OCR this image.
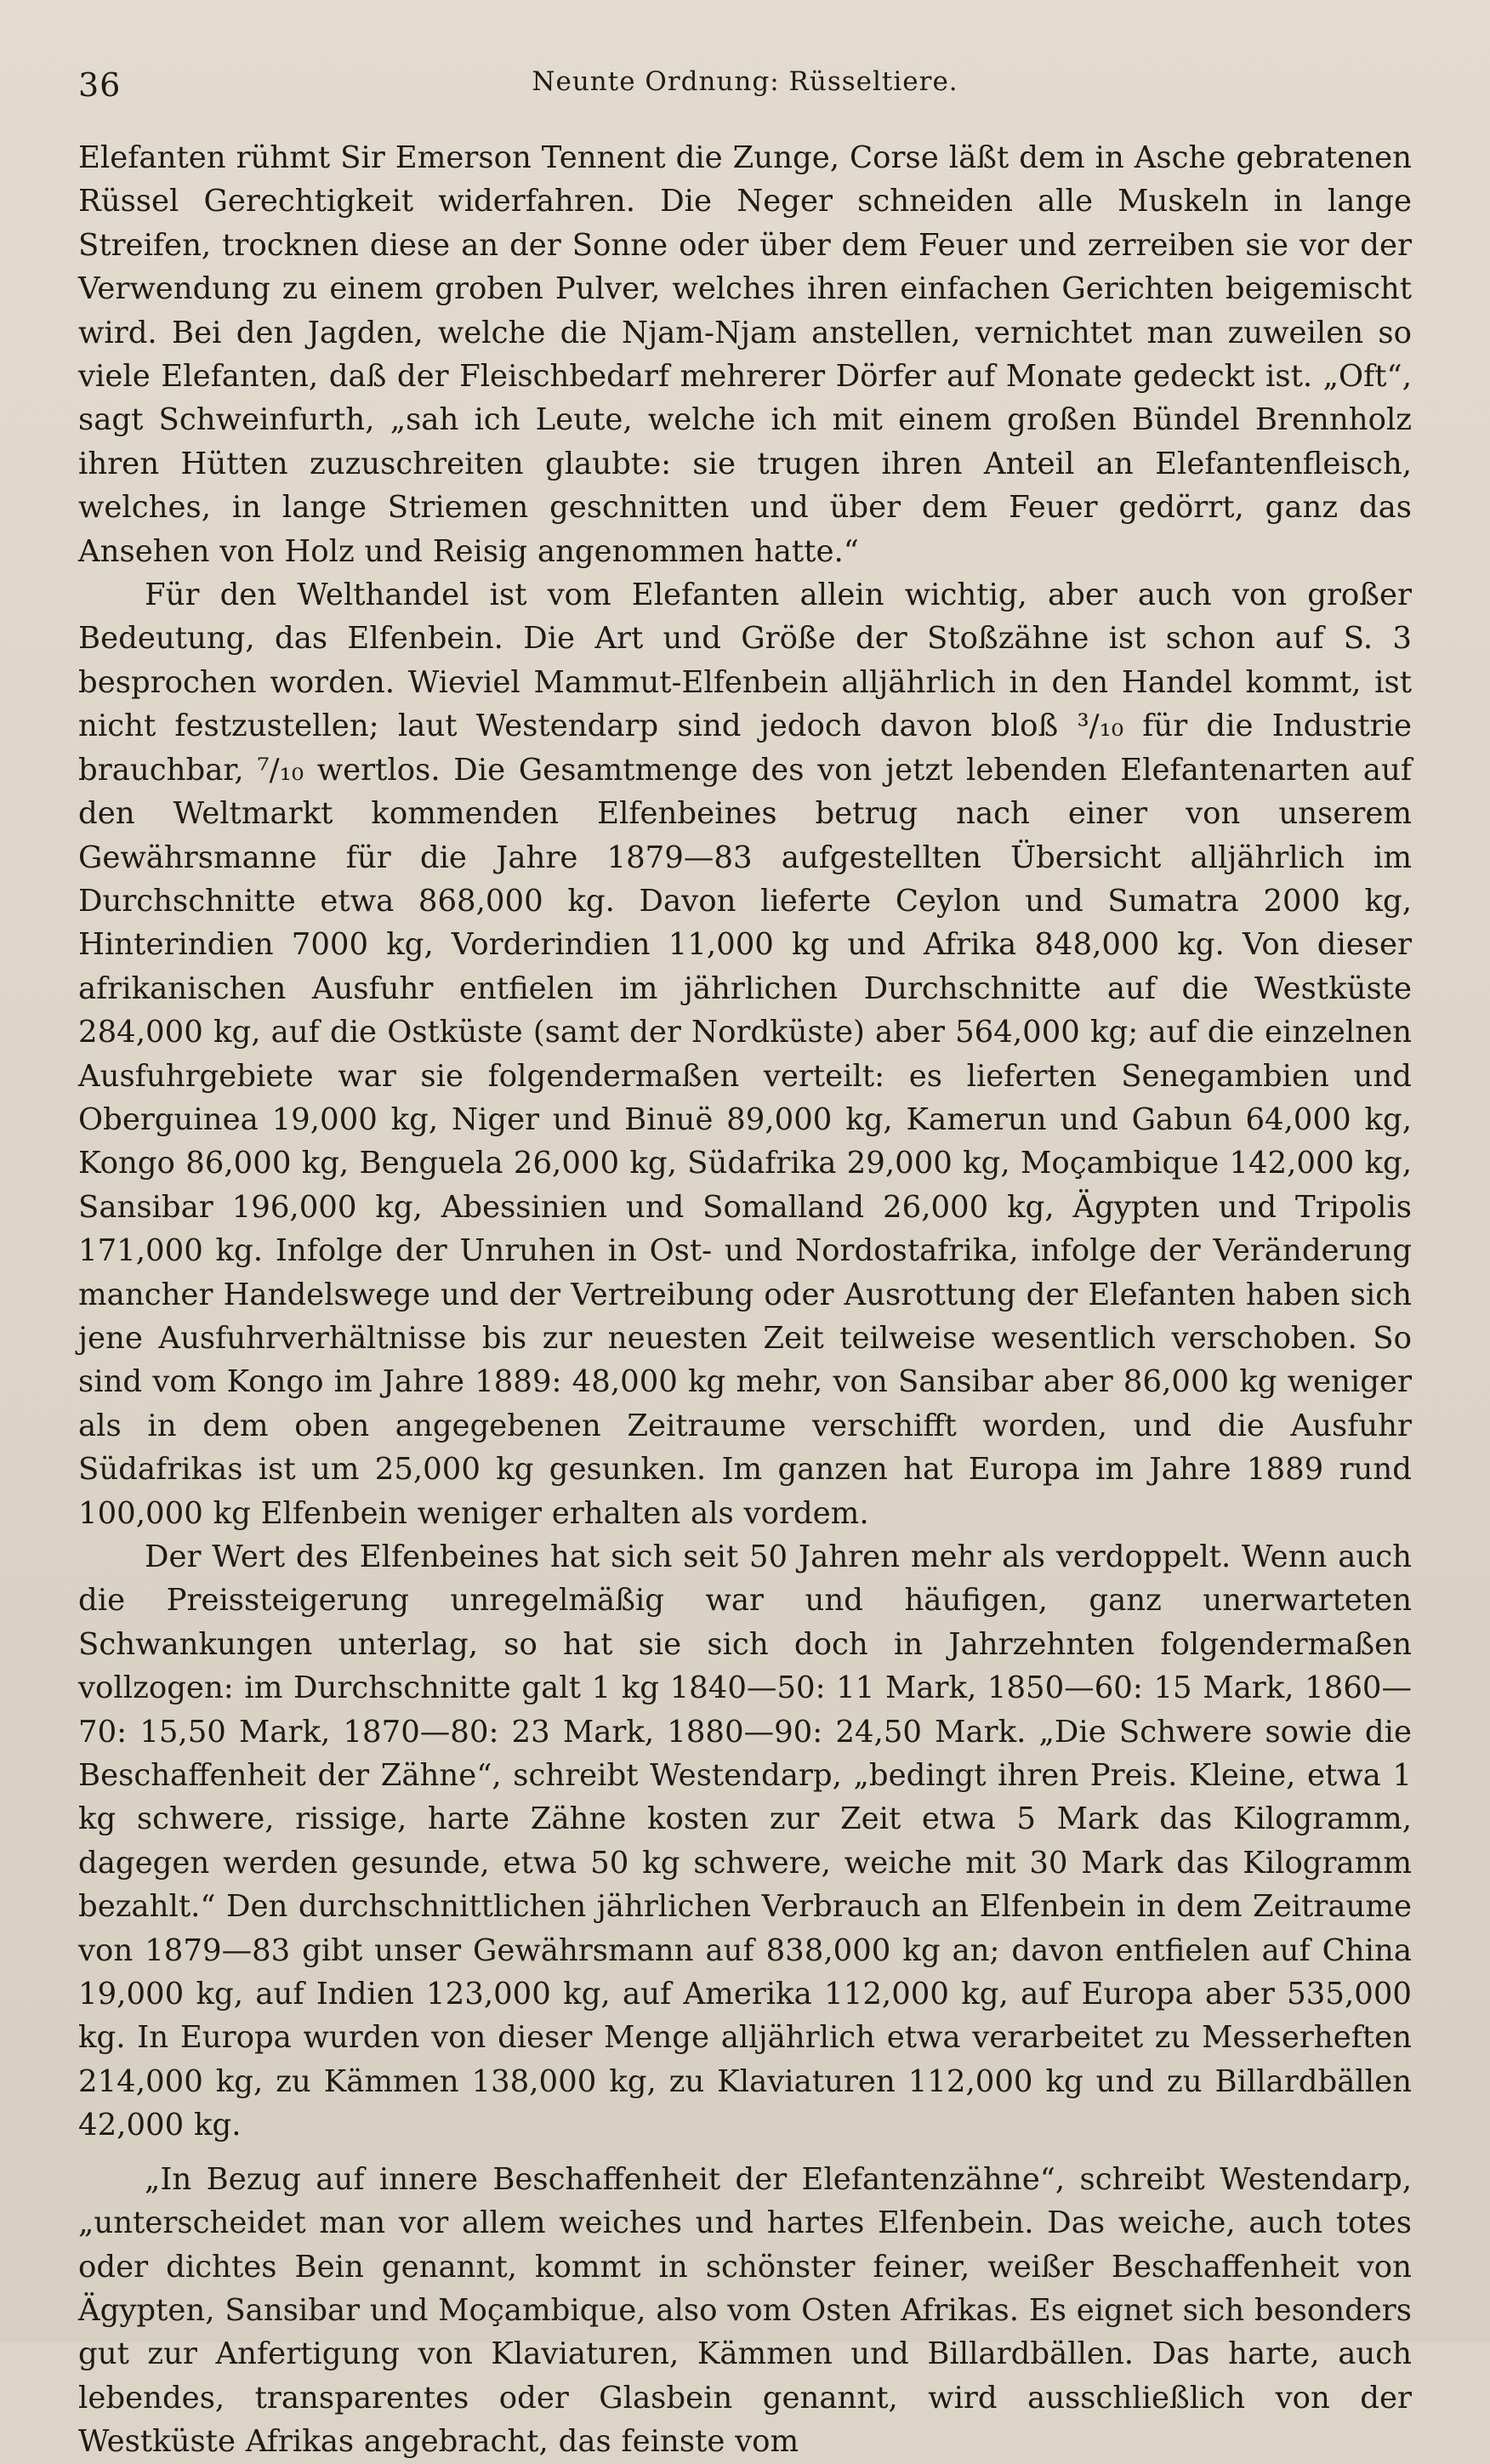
36	Neunte Ordnung: Rüsseltiere.

Elefanten rühmt Sir Emerson Tennent die Zunge, Corse läßt dem in Asche gebratenen Rüssel Gerechtigkeit widerfahren. Die Neger schneiden alle Muskeln in lange Streifen, trocknen diese an der Sonne oder über dem Feuer und zerreiben sie vor der Verwendung zu einem groben Pulver, welches ihren einfachen Gerichten beigemischt wird. Bei den Jagden, welche die Njam-Njam anstellen, vernichtet man zuweilen so viele Elefanten, daß der Fleischbedarf mehrerer Dörfer auf Monate gedeckt ist. „Oft“, sagt Schweinfurth, „sah ich Leute, welche ich mit einem großen Bündel Brennholz ihren Hütten zuzuschreiten glaubte: sie trugen ihren Anteil an Elefantenfleisch, welches, in lange Striemen geschnitten und über dem Feuer gedörrt, ganz das Ansehen von Holz und Reisig angenommen hatte.“

Für den Welthandel ist vom Elefanten allein wichtig, aber auch von großer Bedeutung, das Elfenbein. Die Art und Größe der Stoßzähne ist schon auf S. 3 besprochen worden. Wieviel Mammut-Elfenbein alljährlich in den Handel kommt, ist nicht festzustellen; laut Westendarp sind jedoch davon bloß ³/₁₀ für die Industrie brauchbar, ⁷/₁₀ wertlos. Die Gesamtmenge des von jetzt lebenden Elefantenarten auf den Weltmarkt kommenden Elfenbeines betrug nach einer von unserem Gewährsmanne für die Jahre 1879—83 aufgestellten Übersicht alljährlich im Durchschnitte etwa 868,000 kg. Davon lieferte Ceylon und Sumatra 2000 kg, Hinterindien 7000 kg, Vorderindien 11,000 kg und Afrika 848,000 kg. Von dieser afrikanischen Ausfuhr entfielen im jährlichen Durchschnitte auf die Westküste 284,000 kg, auf die Ostküste (samt der Nordküste) aber 564,000 kg; auf die einzelnen Ausfuhrgebiete war sie folgendermaßen verteilt: es lieferten Senegambien und Oberguinea 19,000 kg, Niger und Binuë 89,000 kg, Kamerun und Gabun 64,000 kg, Kongo 86,000 kg, Benguela 26,000 kg, Südafrika 29,000 kg, Moçambique 142,000 kg, Sansibar 196,000 kg, Abessinien und Somalland 26,000 kg, Ägypten und Tripolis 171,000 kg. Infolge der Unruhen in Ost- und Nordostafrika, infolge der Veränderung mancher Handelswege und der Vertreibung oder Ausrottung der Elefanten haben sich jene Ausfuhrverhältnisse bis zur neuesten Zeit teilweise wesentlich verschoben. So sind vom Kongo im Jahre 1889: 48,000 kg mehr, von Sansibar aber 86,000 kg weniger als in dem oben angegebenen Zeitraume verschifft worden, und die Ausfuhr Südafrikas ist um 25,000 kg gesunken. Im ganzen hat Europa im Jahre 1889 rund 100,000 kg Elfenbein weniger erhalten als vordem.

Der Wert des Elfenbeines hat sich seit 50 Jahren mehr als verdoppelt. Wenn auch die Preissteigerung unregelmäßig war und häufigen, ganz unerwarteten Schwankungen unterlag, so hat sie sich doch in Jahrzehnten folgendermaßen vollzogen: im Durchschnitte galt 1 kg 1840—50: 11 Mark, 1850—60: 15 Mark, 1860—70: 15,50 Mark, 1870—80: 23 Mark, 1880—90: 24,50 Mark. „Die Schwere sowie die Beschaffenheit der Zähne“, schreibt Westendarp, „bedingt ihren Preis. Kleine, etwa 1 kg schwere, rissige, harte Zähne kosten zur Zeit etwa 5 Mark das Kilogramm, dagegen werden gesunde, etwa 50 kg schwere, weiche mit 30 Mark das Kilogramm bezahlt.“ Den durchschnittlichen jährlichen Verbrauch an Elfenbein in dem Zeitraume von 1879—83 gibt unser Gewährsmann auf 838,000 kg an; davon entfielen auf China 19,000 kg, auf Indien 123,000 kg, auf Amerika 112,000 kg, auf Europa aber 535,000 kg. In Europa wurden von dieser Menge alljährlich etwa verarbeitet zu Messerheften 214,000 kg, zu Kämmen 138,000 kg, zu Klaviaturen 112,000 kg und zu Billardbällen 42,000 kg.

„In Bezug auf innere Beschaffenheit der Elefantenzähne“, schreibt Westendarp, „unterscheidet man vor allem weiches und hartes Elfenbein. Das weiche, auch totes oder dichtes Bein genannt, kommt in schönster feiner, weißer Beschaffenheit von Ägypten, Sansibar und Moçambique, also vom Osten Afrikas. Es eignet sich besonders gut zur Anfertigung von Klaviaturen, Kämmen und Billardbällen. Das harte, auch lebendes, transparentes oder Glasbein genannt, wird ausschließlich von der Westküste Afrikas angebracht, das feinste vom
